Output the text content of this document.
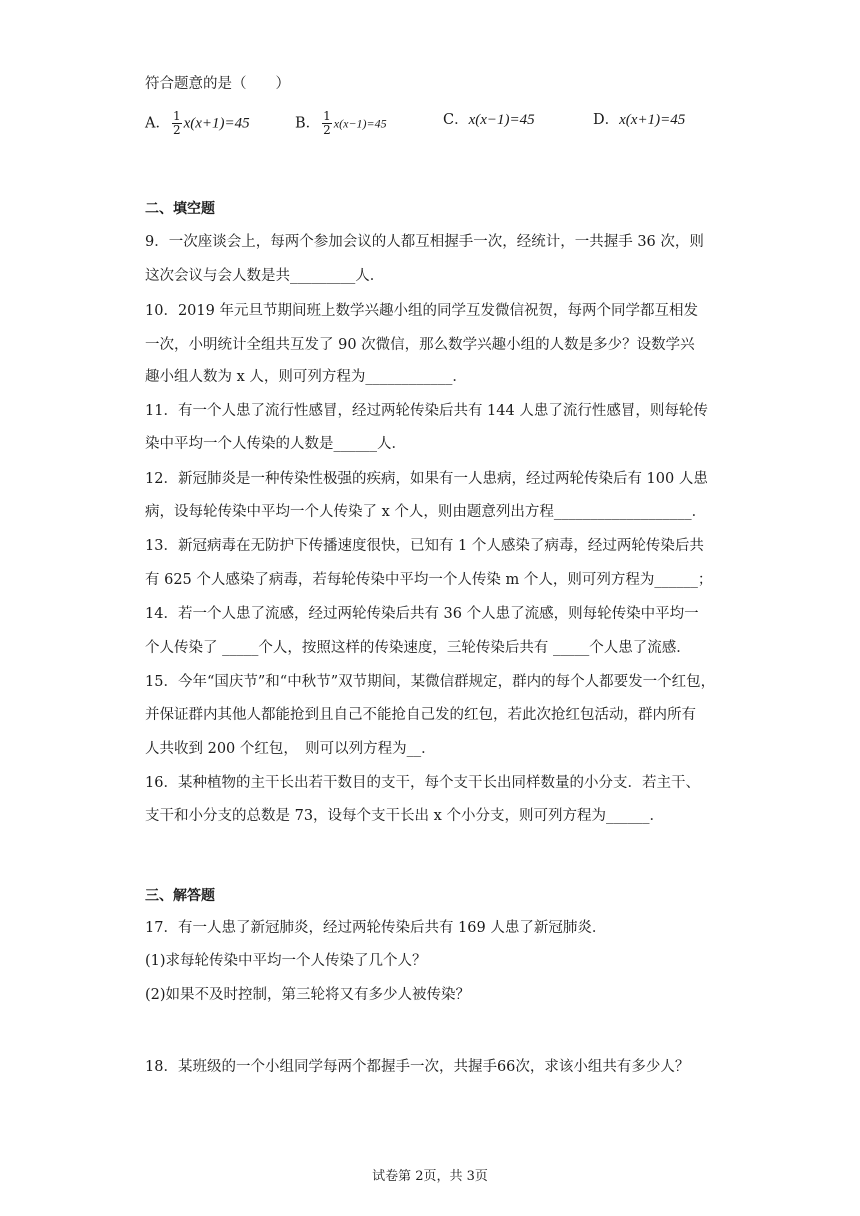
符合题意的是（　　）
A． $\frac{1}{2} x(x+1)=45$	B． $\frac{1}{2} x(x-1)=45$	C．x(x−1)=45	D．x(x+1)=45
二、填空题
9．一次座谈会上，每两个参加会议的人都互相握手一次，经统计，一共握手 36 次，则
这次会议与会人数是共_________人．
10．2019 年元旦节期间班上数学兴趣小组的同学互发微信祝贺，每两个同学都互相发
一次，小明统计全组共互发了 90 次微信，那么数学兴趣小组的人数是多少？设数学兴
趣小组人数为 x 人，则可列方程为____________．
11．有一个人患了流行性感冒，经过两轮传染后共有 144 人患了流行性感冒，则每轮传
染中平均一个人传染的人数是______人．
12．新冠肺炎是一种传染性极强的疾病，如果有一人患病，经过两轮传染后有 100 人患
病，设每轮传染中平均一个人传染了 x 个人，则由题意列出方程___________________．
13．新冠病毒在无防护下传播速度很快，已知有 1 个人感染了病毒，经过两轮传染后共
有 625 个人感染了病毒，若每轮传染中平均一个人传染 m 个人，则可列方程为______；
14．若一个人患了流感，经过两轮传染后共有 36 个人患了流感，则每轮传染中平均一
个人传染了 _____个人，按照这样的传染速度，三轮传染后共有 _____个人患了流感．
15．今年“国庆节”和“中秋节”双节期间，某微信群规定，群内的每个人都要发一个红包，
并保证群内其他人都能抢到且自己不能抢自己发的红包，若此次抢红包活动，群内所有
人共收到 200 个红包，　则可以列方程为__．
16．某种植物的主干长出若干数目的支干，每个支干长出同样数量的小分支．若主干、
支干和小分支的总数是 73，设每个支干长出 x 个小分支，则可列方程为______．
三、解答题
17．有一人患了新冠肺炎，经过两轮传染后共有 169 人患了新冠肺炎．
(1)求每轮传染中平均一个人传染了几个人？
(2)如果不及时控制，第三轮将又有多少人被传染？
18．某班级的一个小组同学每两个都握手一次，共握手66次，求该小组共有多少人？
试卷第 2页，共 3页
